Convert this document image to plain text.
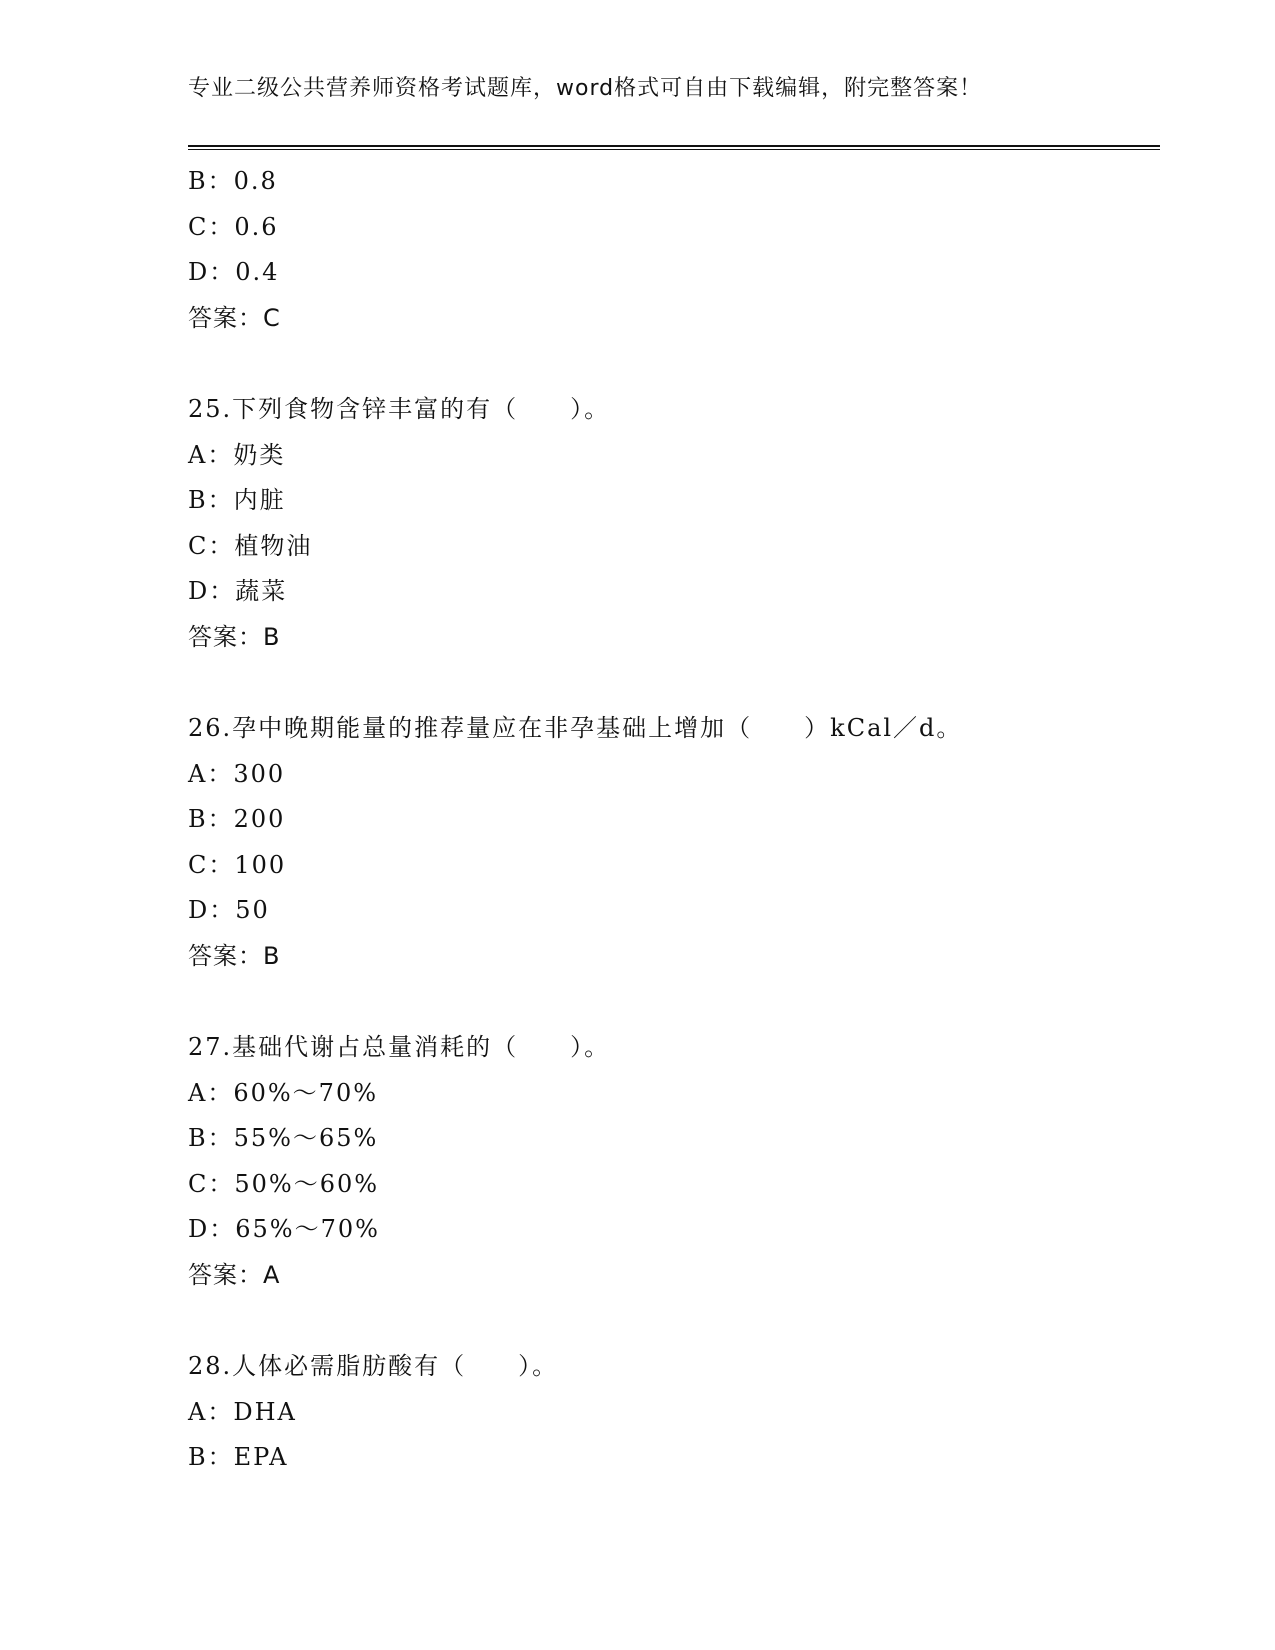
专业二级公共营养师资格考试题库，word格式可自由下载编辑，附完整答案！
B：0.8
C：0.6
D：0.4
答案：C
25.下列食物含锌丰富的有（　　）。
A：奶类
B：内脏
C：植物油
D：蔬菜
答案：B
26.孕中晚期能量的推荐量应在非孕基础上增加（　　）kCal／d。
A：300
B：200
C：100
D：50
答案：B
27.基础代谢占总量消耗的（　　）。
A：60%～70%
B：55%～65%
C：50%～60%
D：65%～70%
答案：A
28.人体必需脂肪酸有（　　）。
A：DHA
B：EPA
